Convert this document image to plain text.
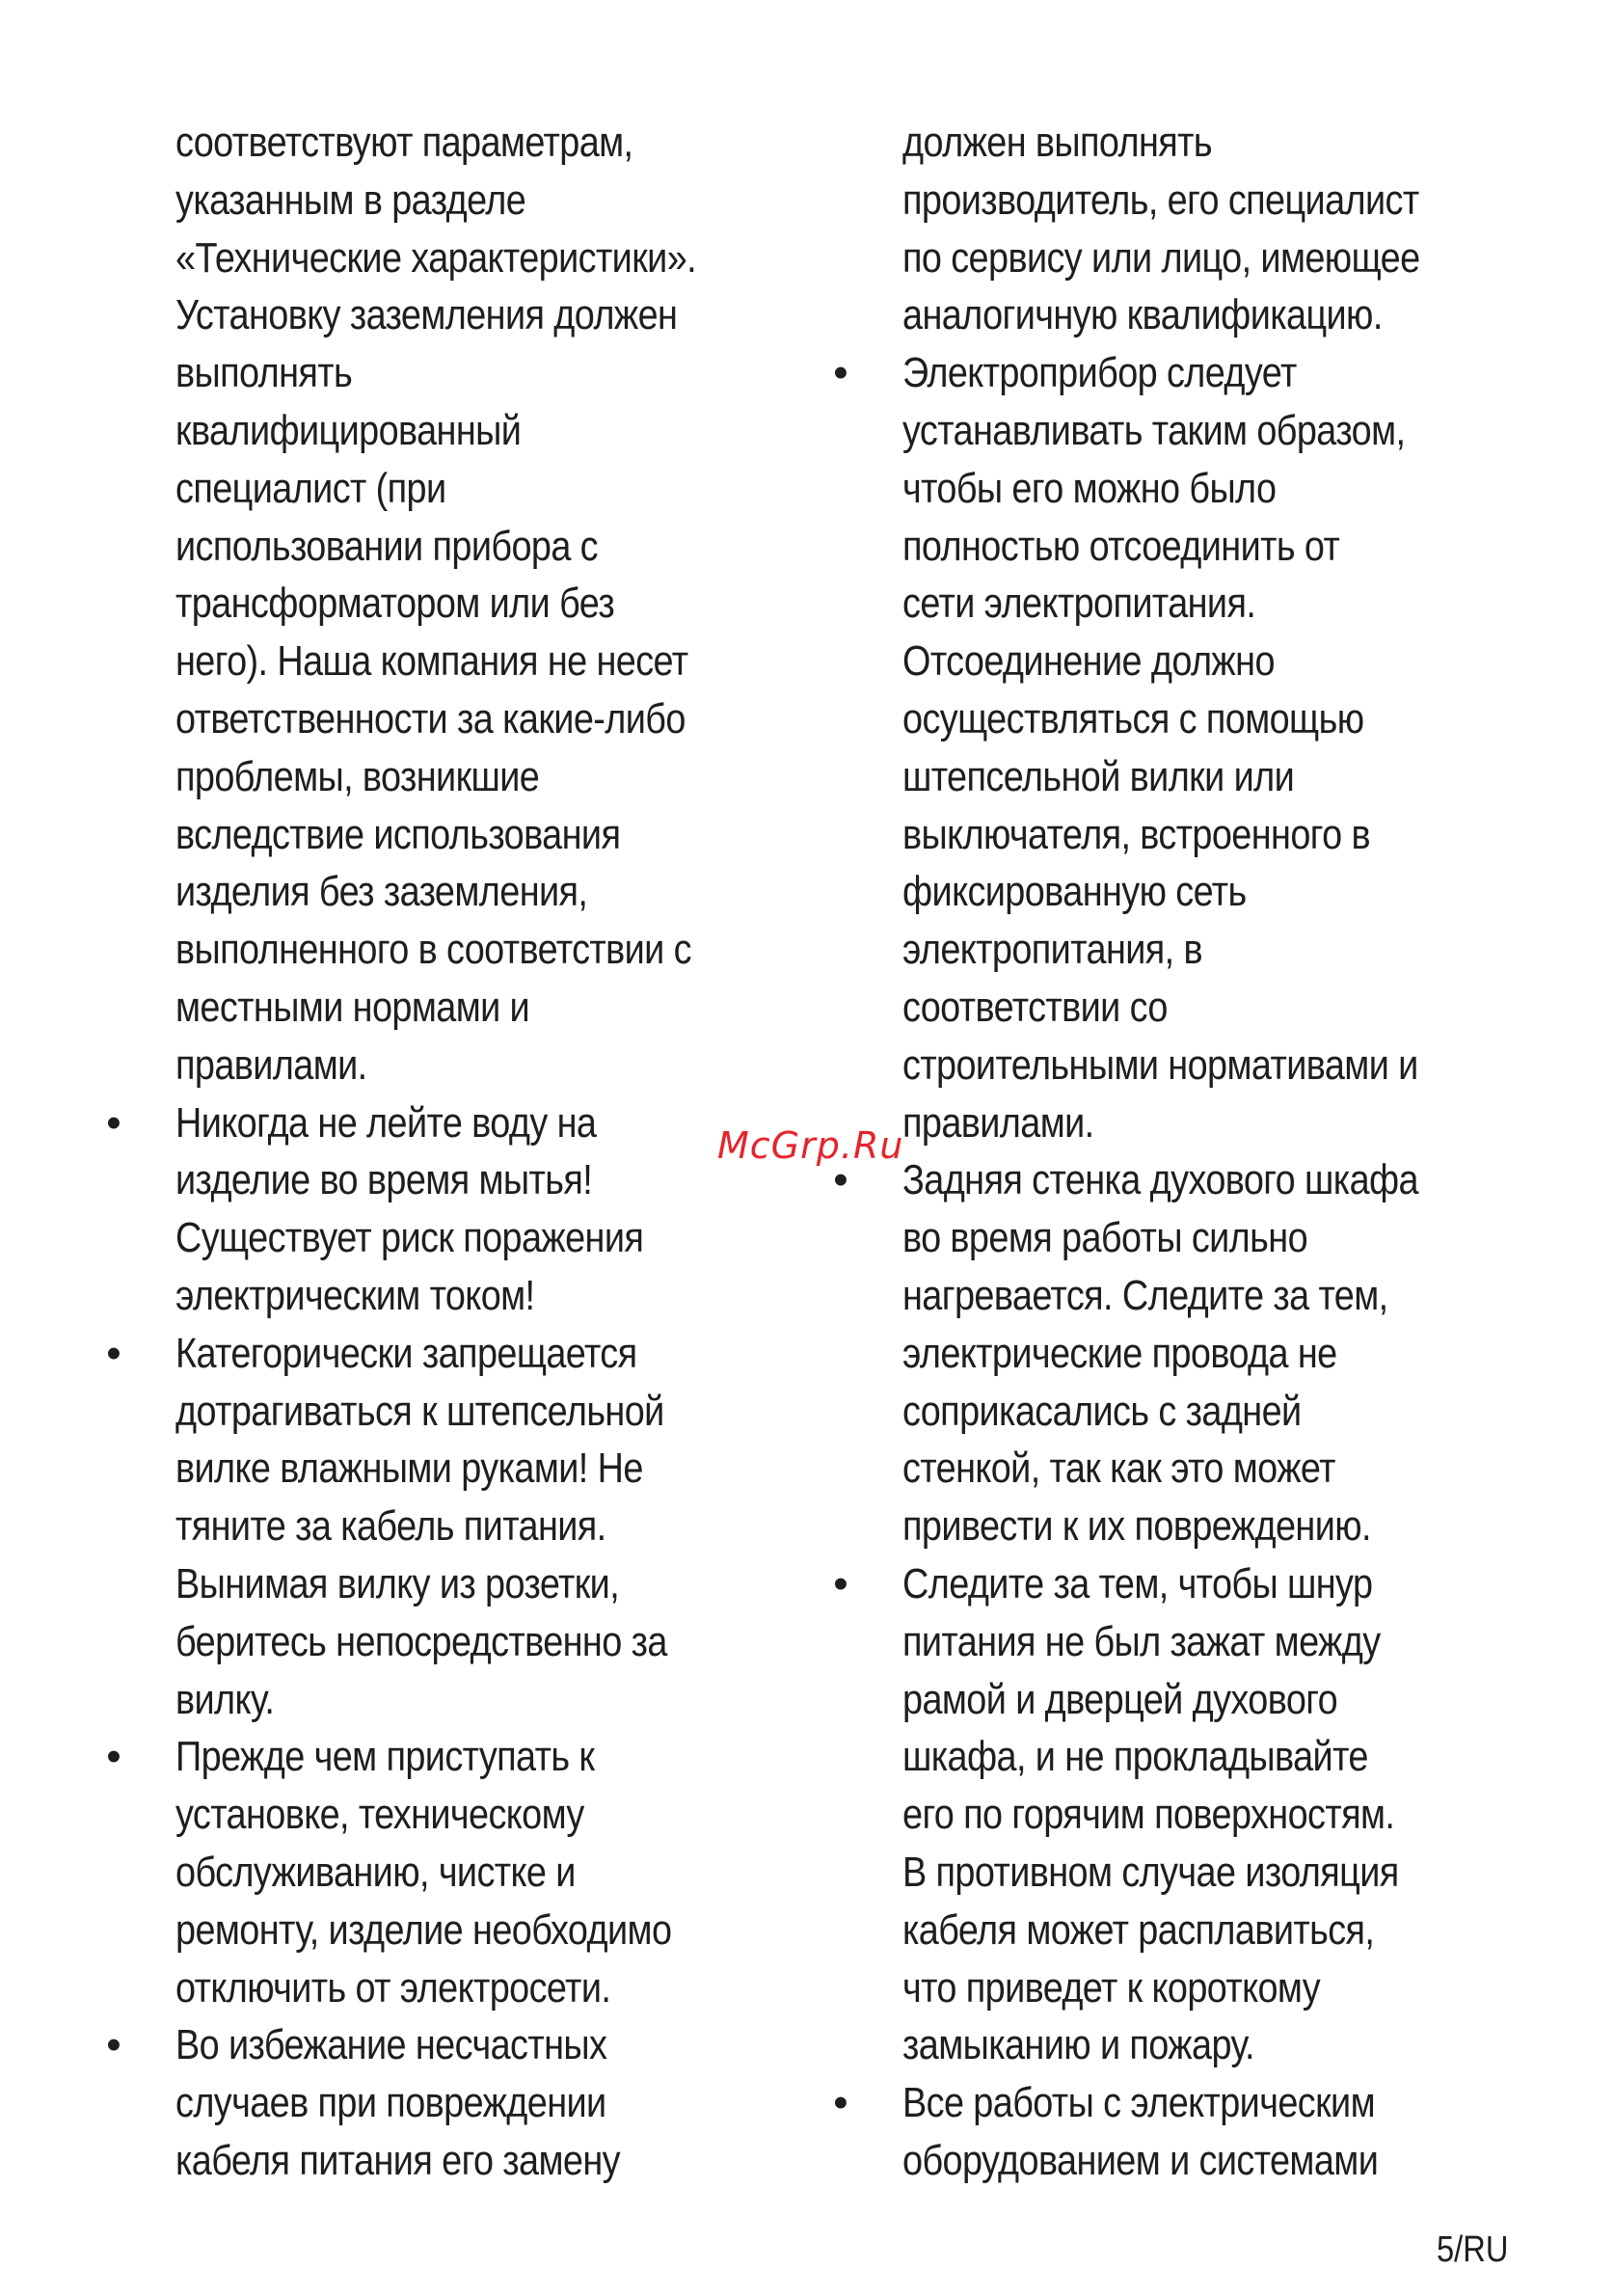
соответствуют параметрам,
указанным в разделе
«Технические характеристики».
Установку заземления должен
выполнять
квалифицированный
специалист (при
использовании прибора с
трансформатором или без
него). Наша компания не несет
ответственности за какие-либо
проблемы, возникшие
вследствие использования
изделия без заземления,
выполненного в соответствии с
местными нормами и
правилами.
• Никогда не лейте воду на
изделие во время мытья!
Существует риск поражения
электрическим током!
• Категорически запрещается
дотрагиваться к штепсельной
вилке влажными руками! Не
тяните за кабель питания.
Вынимая вилку из розетки,
беритесь непосредственно за
вилку.
• Прежде чем приступать к
установке, техническому
обслуживанию, чистке и
ремонту, изделие необходимо
отключить от электросети.
• Во избежание несчастных
случаев при повреждении
кабеля питания его замену
должен выполнять
производитель, его специалист
по сервису или лицо, имеющее
аналогичную квалификацию.
• Электроприбор следует
устанавливать таким образом,
чтобы его можно было
полностью отсоединить от
сети электропитания.
Отсоединение должно
осуществляться с помощью
штепсельной вилки или
выключателя, встроенного в
фиксированную сеть
электропитания, в
соответствии со
строительными нормативами и
правилами.
• Задняя стенка духового шкафа
во время работы сильно
нагревается. Следите за тем,
электрические провода не
соприкасались с задней
стенкой, так как это может
привести к их повреждению.
• Следите за тем, чтобы шнур
питания не был зажат между
рамой и дверцей духового
шкафа, и не прокладывайте
его по горячим поверхностям.
В противном случае изоляция
кабеля может расплавиться,
что приведет к короткому
замыканию и пожару.
• Все работы с электрическим
оборудованием и системами
McGrp.Ru
5/RU
